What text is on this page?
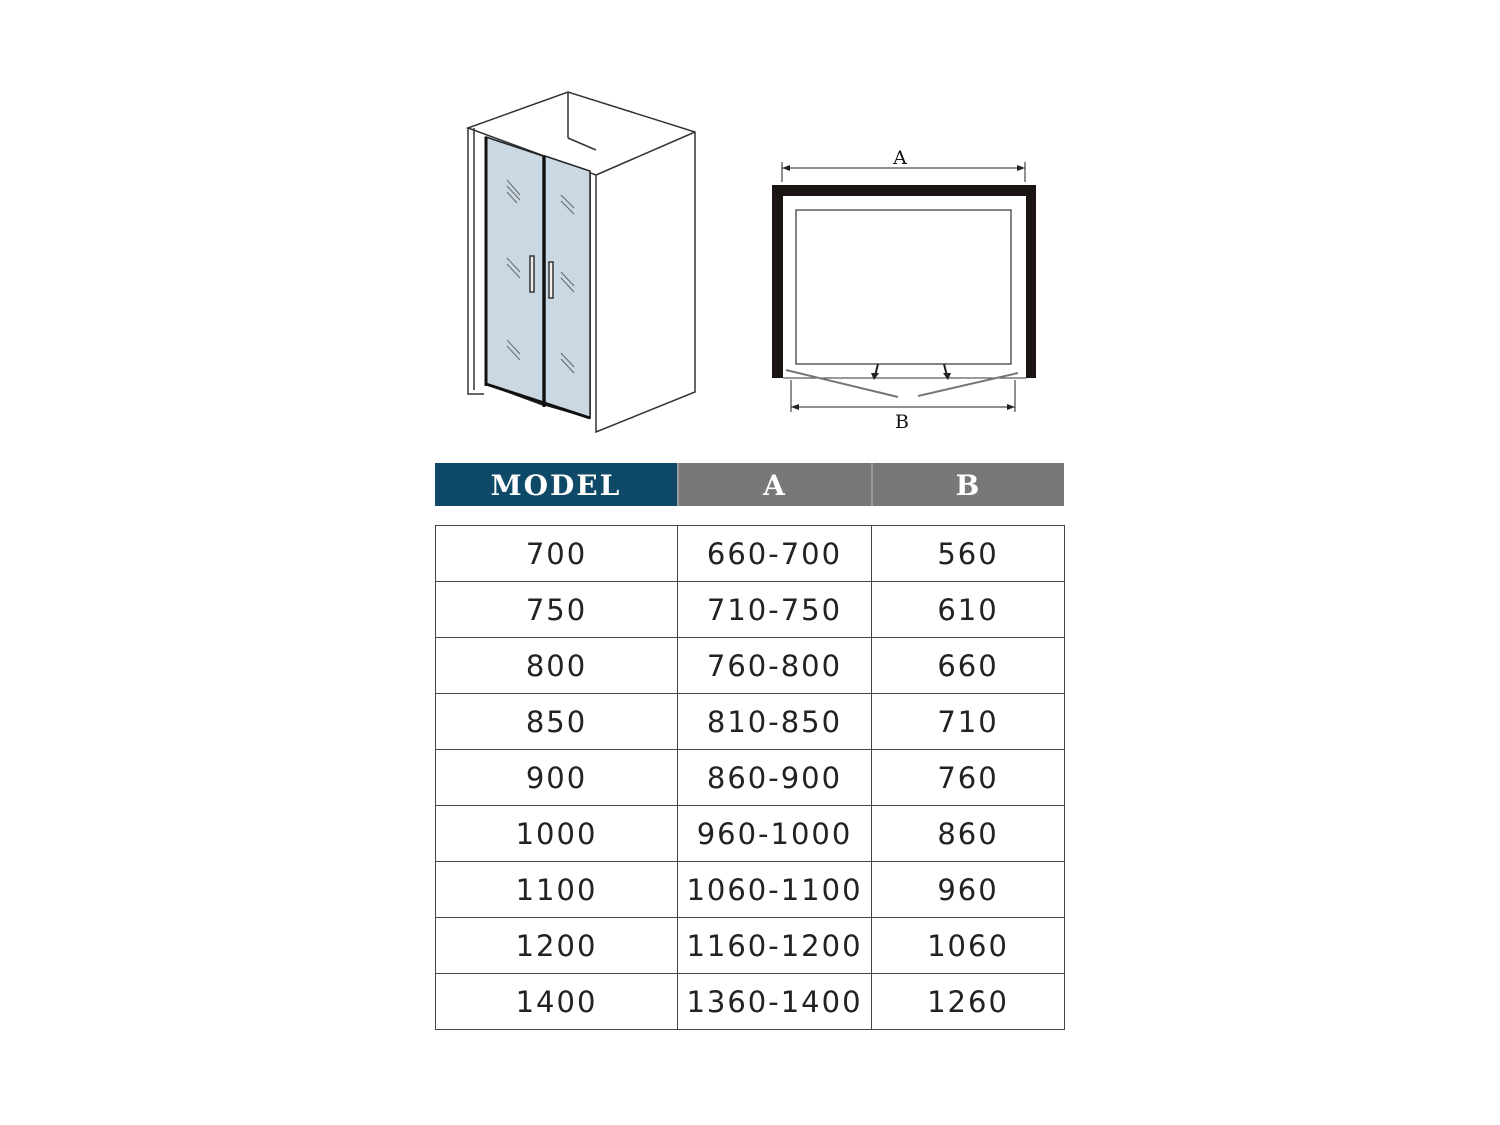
A
B
MODEL	A	B
700	660-700	560
750	710-750	610
800	760-800	660
850	810-850	710
900	860-900	760
1000	960-1000	860
1100	1060-1100	960
1200	1160-1200	1060
1400	1360-1400	1260
